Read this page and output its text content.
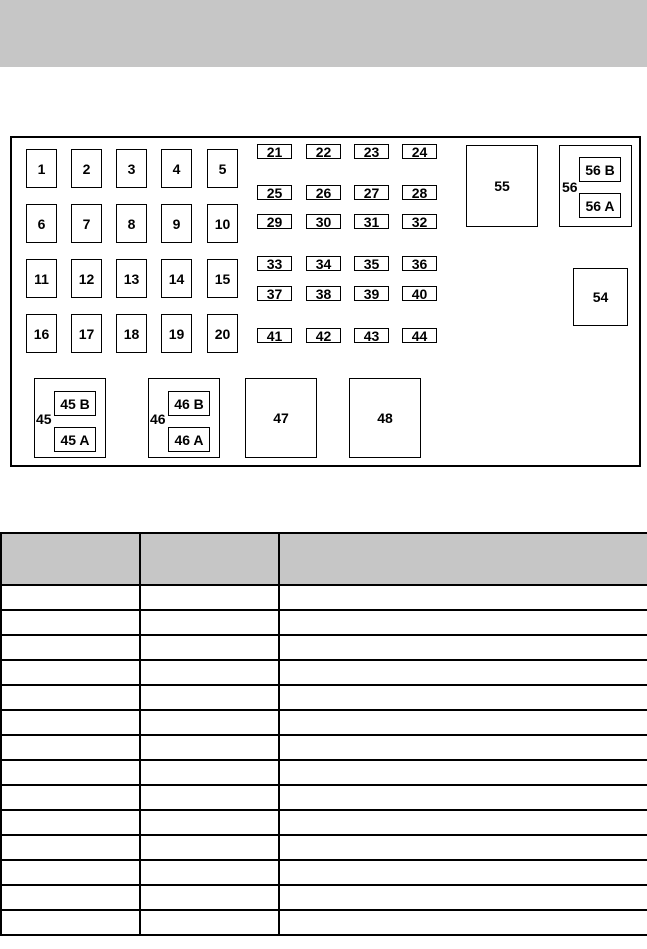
45
45 B
45 A
46
46 B
46 A
47	48
55	56
56 B
56 A
54
1	2	3	4	5
6	7	8	9	10
11	12	13	14	15
16	17	18	19	20
21	22	23	24
25	26	27	28
29	30	31	32
33	34	35	36
37	38	39	40
41	42	43	44
